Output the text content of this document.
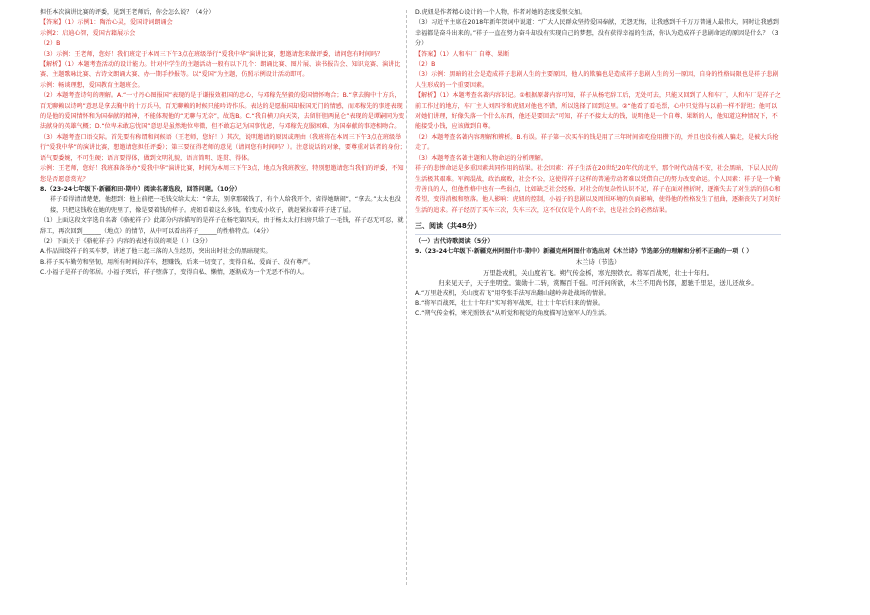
担任本次演讲比赛的评委，见到王老师后，你会怎么说？（4分）
【答案】（1）示例1：陶治心灵，爱国诗词朗诵会
示例2：启迪心智，爱国古籍展示会
（2）B
（3）示例：王老师，您好！我们班定于本周三下午3点在班级举行“爱我中华”演讲比赛，想邀请您来做评委，请问您有时间吗？
【解析】（1）本题考查活动的设计能力。针对中学生的主题活动一般有以下几个：朗诵比赛、图片展、读书报告会、知识竞赛、演讲比赛、主题歌咏比赛、古诗文朗诵大赛、办一期手抄报等。以“爱国”为主题，仿照示例设计活动即可。
示例：畅谈理想，爱国教育主题班会。
（2）本题考查诗句的理解。A.“一寸丹心图报国”表现的是于谦报效祖国的忠心，与邓稼先坚毅的爱国情怀吻合；B.“拿去胸中十方兵，百无聊赖以诗鸣”意思是拿去胸中的十万兵马，百无聊赖的时候只能吟诗作乐。表达的是愿报国却报国无门的情感，而邓稼先的事迹表现的是他的爱国情怀和为国奉献的精神，不能体现他的“无聊与无奈”，故选B。C.“我自横刀向天笑，去留肝胆两昆仑”表现的是谭嗣同为变法献身的英雄气概；D.“位卑未敢忘忧国”意思是虽然地位卑微，但不敢忘记为国事忧虑，与邓稼先克服困难、为国奉献的事迹相吻合。
（3）本题考查口语交际。首先要有称谓和问候语（王老师，您好！）其次，说明邀请的原因或理由（我班将在本周三下午3点在班级举行“爱我中华”的演讲比赛，想邀请您担任评委）；第三要征得老师的意见（请问您有时间吗？）。注意说话的对象，要尊重对话者的身份；语气要委婉，不可生硬；语言要得体，做到文明礼貌，语言简明、连贯、得体。
示例：王老师，您好！我班准备举办“爱我中华”演讲比赛，时间为本周三下午3点，地点为我班教室，特别想邀请您当我们的评委，不知您是否愿意赏光？
8.（23-24七年级下·新疆和田·期中）阅读名著选段，回答问题。（10分）
祥子看得清清楚楚，他想到：他上前把一毛钱交给太太：“拿去，别拿那破钱了，有个人给我开个，省得她瞎闹”，“拿去。”太太也没接，只把这钱收在她的兜里了，像是要着钱的样子。虎妞看着这么多钱，怕变成小坎子，就赶紧拉着祥子进了屋。
（1）上面这段文字选自名著《骆驼祥子》此部分内容描写的是祥子在杨宅第四天，由于杨太太打扫房只给了一毛钱，祥子忍无可忍，就辞工，再次回到______（地点）的情节，从中可以看出祥子______的性格特点。（4分）
（2）下面关于《骆驼祥子》内容的表述有误的项是（ ）（3分）
A.作品围绕祥子的买车梦，讲述了他三起三落的人生经历，突出出时社会的黑暗现实。
B.祥子买车勤劳和坚韧，用所有时间拉洋车，想赚钱，后来一切变了，变得自私、爱面子、没有尊严。
C.小福子是祥子的邻居。小福子死后，祥子堕落了，变得自私、懒惰，逐渐成为一个无恶不作的人。
D.虎妞是作者精心设计的一个人物，作者对她的态度爱恨交加。
（3）习近平主席在2018年新年贺词中说道：“广大人民群众坚持爱国奉献，无怨无悔，让我感到千千万万普通人最伟大，同时让我感到幸福都是奋斗出来的。”祥子一直在努力奋斗却没有实现自己的梦想，没有获得幸福的生活，你认为造成祥子悲剧命运的原因是什么？（3分）
【答案】（1）人和车厂 自尊、果断
（2）B
（3）示例：黑暗的社会是造成祥子悲剧人生的主要原因，他人的欺骗也是造成祥子悲剧人生的另一原因，自身的性格局限也是祥子悲剧人生形成的一个重要因素。
【解析】（1）本题考查名著内容识记。①根据原著内容可知，祥子从杨宅辞工后，无处可去，只能又回到了人和车厂，人和车厂是祥子之前工作过的地方，车厂主人刘四爷和虎妞对他也不错，所以选择了回到这里。②“他看了看毛票，心中只觉得与以前一样不舒坦；他可以对她们讲理，好像失落一个什么东西，他还是要回去”可知，祥子不接太太的钱，说明他是一个自尊、果断的人，他知道这种情况下，不能接受小钱，应该做到自尊。
（2）本题考查名著内容理解和辨析。B.有误。祥子第一次买车的钱是用了三年时间省吃俭用攒下的，并且也没有被人骗走，是被大兵抢走了。
（3）本题考查名著主题和人物命运的分析理解。
祥子的悲惨命运是多重因素共同作用的结果。社会因素：祥子生活在20世纪20年代的北平，那个时代动荡不安，社会黑暗，下层人民的生活极其艰难。军阀混战，政治腐败，社会不公，这使得祥子这样的普通劳动者难以凭借自己的努力改变命运。个人因素：祥子是一个勤劳善良的人，但他性格中也有一些弱点，比如缺乏社会经验、对社会的复杂性认识不足，祥子在面对挫折时，逐渐失去了对生活的信心和希望，变得消极和堕落。他人影响：虎妞的控制，小福子的悲剧以及周围环境的负面影响，使得他的性格发生了扭曲，逐渐丧失了对美好生活的追求。祥子经历了买车三次，失车三次，这不仅仅是个人的不幸，也是社会的必然结果。
三、阅读（共48分）
（一）古代诗歌阅读（5分）
9.（23-24七年级下·新疆克州阿图什市·期中）新疆克州阿图什市选出对《木兰诗》节选部分的理解和分析不正确的一项（ ）
木兰诗（节选）
万里赴戎机，关山度若飞。朔气传金柝，寒光照铁衣。将军百战死，壮士十年归。
归来见天子，天子坐明堂。策勋十二转，赏赐百千强。可汗问所欲，木兰不用尚书郎，愿驰千里足，送儿还故乡。
A.“万里赴戎机，关山度若飞”用夸张手法写出翻山越岭奔赴战场的情景。
B.“将军百战死，壮士十年归”实写将军战死，壮士十年后归来的情景。
C.“朔气传金柝，寒光照铁衣”从听觉和视觉的角度描写边塞军人的生活。
